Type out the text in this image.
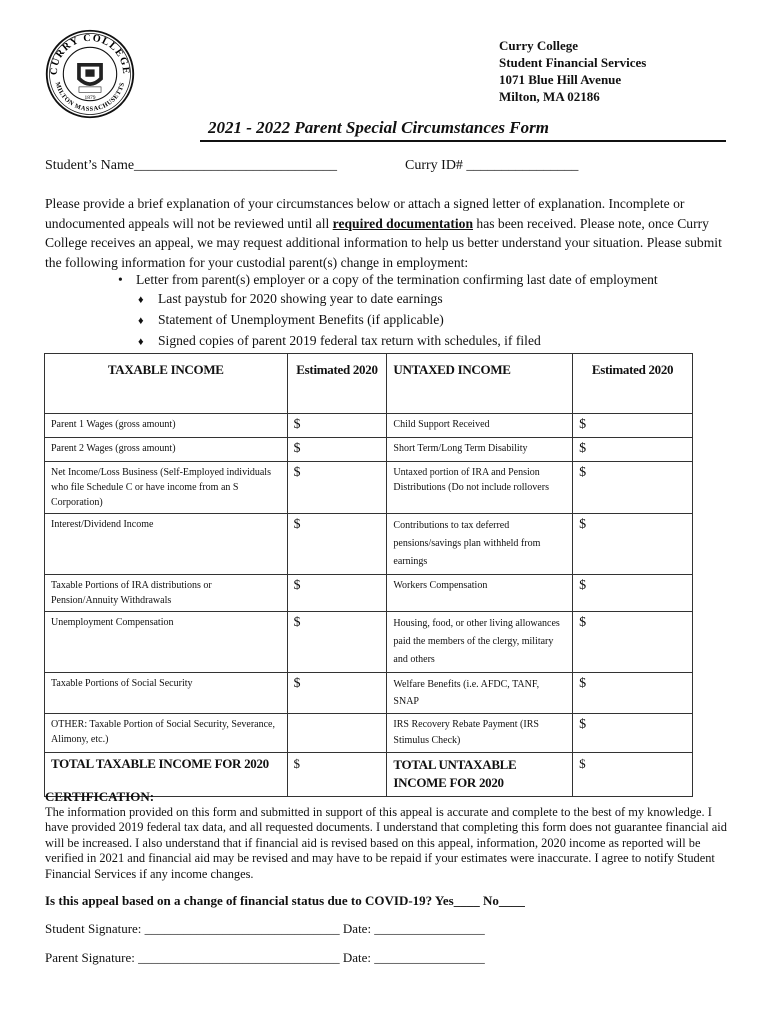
CURRY COLLEGE
MILTON MASSACHUSETTS
1879
Curry College
Student Financial Services
1071 Blue Hill Avenue
Milton, MA 02186
2021 - 2022 Parent Special Circumstances Form
Student’s Name_____________________________	Curry ID# ________________
Please provide a brief explanation of your circumstances below or attach a signed letter of explanation. Incomplete or undocumented appeals will not be reviewed until all required documentation has been received. Please note, once Curry College receives an appeal, we may request additional information to help us better understand your situation. Please submit the following information for your custodial parent(s) change in employment:
• Letter from parent(s) employer or a copy of the termination confirming last date of employment
♦ Last paystub for 2020 showing year to date earnings
♦ Statement of Unemployment Benefits (if applicable)
♦ Signed copies of parent 2019 federal tax return with schedules, if filed
TAXABLE INCOME	Estimated 2020	UNTAXED INCOME	Estimated 2020
Parent 1 Wages (gross amount)	$	Child Support Received	$
Parent 2 Wages (gross amount)	$	Short Term/Long Term Disability	$
Net Income/Loss Business (Self-Employed individuals who file Schedule C or have income from an S Corporation)	$	Untaxed portion of IRA and Pension Distributions (Do not include rollovers	$
Interest/Dividend Income	$	Contributions to tax deferred pensions/savings plan withheld from earnings	$
Taxable Portions of IRA distributions or Pension/Annuity Withdrawals	$	Workers Compensation	$
Unemployment Compensation	$	Housing, food, or other living allowances paid the members of the clergy, military and others	$
Taxable Portions of Social Security	$	Welfare Benefits (i.e. AFDC, TANF, SNAP	$
OTHER: Taxable Portion of Social Security, Severance, Alimony, etc.)		IRS Recovery Rebate Payment (IRS Stimulus Check)	$
TOTAL TAXABLE INCOME FOR 2020	$	TOTAL UNTAXABLE INCOME FOR 2020	$
CERTIFICATION:
The information provided on this form and submitted in support of this appeal is accurate and complete to the best of my knowledge. I have provided 2019 federal tax data, and all requested documents. I understand that completing this form does not guarantee financial aid will be increased. I also understand that if financial aid is revised based on this appeal, information, 2020 income as reported will be verified in 2021 and financial aid may be revised and may have to be repaid if your estimates were inaccurate. I agree to notify Student Financial Services if any income changes.
Is this appeal based on a change of financial status due to COVID-19? Yes____ No____
Student Signature: ______________________________ Date: _________________
Parent Signature: _______________________________ Date: _________________
